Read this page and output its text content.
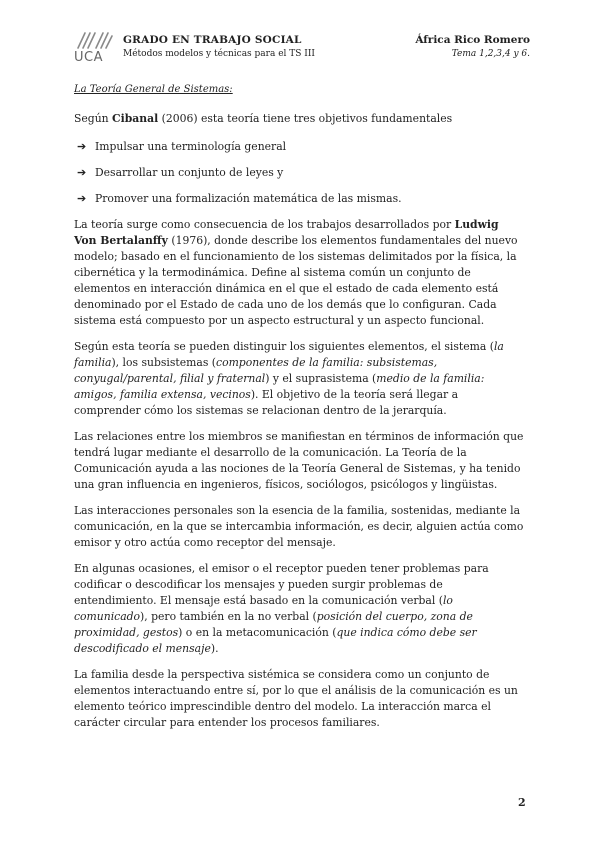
UCA
GRADO EN TRABAJO SOCIAL
Métodos modelos y técnicas para el TS III
África Rico Romero
Tema 1,2,3,4 y 6.
La Teoría General de Sistemas:

Según Cibanal (2006) esta teoría tiene tres objetivos fundamentales

➔ Impulsar una terminología general
➔ Desarrollar un conjunto de leyes y
➔ Promover una formalización matemática de las mismas.

La teoría surge como consecuencia de los trabajos desarrollados por Ludwig Von Bertalanffy (1976), donde describe los elementos fundamentales del nuevo modelo; basado en el funcionamiento de los sistemas delimitados por la física, la cibernética y la termodinámica. Define al sistema común un conjunto de elementos en interacción dinámica en el que el estado de cada elemento está denominado por el Estado de cada uno de los demás que lo configuran. Cada sistema está compuesto por un aspecto estructural y un aspecto funcional.

Según esta teoría se pueden distinguir los siguientes elementos, el sistema (la familia), los subsistemas (componentes de la familia: subsistemas, conyugal/parental, filial y fraternal) y el suprasistema (medio de la familia: amigos, familia extensa, vecinos). El objetivo de la teoría será llegar a comprender cómo los sistemas se relacionan dentro de la jerarquía.

Las relaciones entre los miembros se manifiestan en términos de información que tendrá lugar mediante el desarrollo de la comunicación. La Teoría de la Comunicación ayuda a las nociones de la Teoría General de Sistemas, y ha tenido una gran influencia en ingenieros, físicos, sociólogos, psicólogos y lingüistas.

Las interacciones personales son la esencia de la familia, sostenidas, mediante la comunicación, en la que se intercambia información, es decir, alguien actúa como emisor y otro actúa como receptor del mensaje.

En algunas ocasiones, el emisor o el receptor pueden tener problemas para codificar o descodificar los mensajes y pueden surgir problemas de entendimiento. El mensaje está basado en la comunicación verbal (lo comunicado), pero también en la no verbal (posición del cuerpo, zona de proximidad, gestos) o en la metacomunicación (que indica cómo debe ser descodificado el mensaje).

La familia desde la perspectiva sistémica se considera como un conjunto de elementos interactuando entre sí, por lo que el análisis de la comunicación es un elemento teórico imprescindible dentro del modelo. La interacción marca el carácter circular para entender los procesos familiares.

2
